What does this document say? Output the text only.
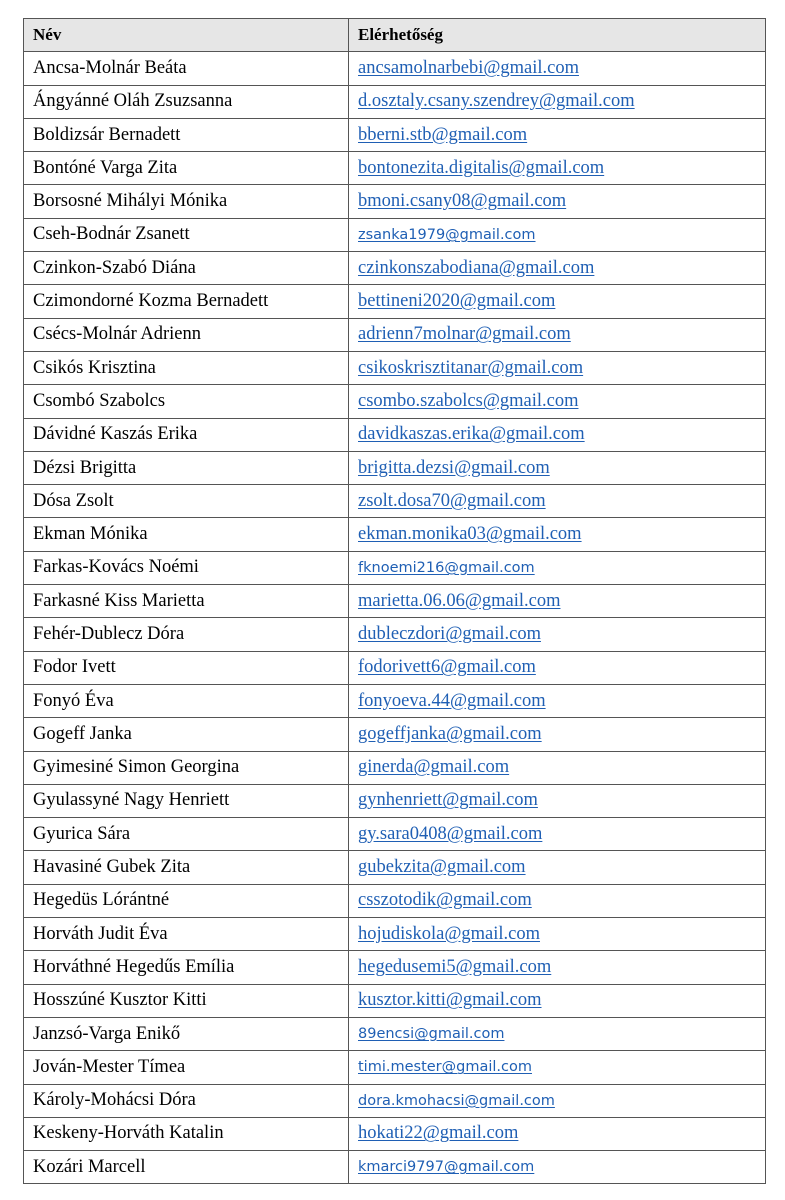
Név	Elérhetőség
Ancsa-Molnár Beáta	ancsamolnarbebi@gmail.com
Ángyánné Oláh Zsuzsanna	d.osztaly.csany.szendrey@gmail.com
Boldizsár Bernadett	bberni.stb@gmail.com
Bontóné Varga Zita	bontonezita.digitalis@gmail.com
Borsosné Mihályi Mónika	bmoni.csany08@gmail.com
Cseh-Bodnár Zsanett	zsanka1979@gmail.com
Czinkon-Szabó Diána	czinkonszabodiana@gmail.com
Czimondorné Kozma Bernadett	bettineni2020@gmail.com
Csécs-Molnár Adrienn	adrienn7molnar@gmail.com
Csikós Krisztina	csikoskrisztitanar@gmail.com
Csombó Szabolcs	csombo.szabolcs@gmail.com
Dávidné Kaszás Erika	davidkaszas.erika@gmail.com
Dézsi Brigitta	brigitta.dezsi@gmail.com
Dósa Zsolt	zsolt.dosa70@gmail.com
Ekman Mónika	ekman.monika03@gmail.com
Farkas-Kovács Noémi	fknoemi216@gmail.com
Farkasné Kiss Marietta	marietta.06.06@gmail.com
Fehér-Dublecz Dóra	dubleczdori@gmail.com
Fodor Ivett	fodorivett6@gmail.com
Fonyó Éva	fonyoeva.44@gmail.com
Gogeff Janka	gogeffjanka@gmail.com
Gyimesiné Simon Georgina	ginerda@gmail.com
Gyulassyné Nagy Henriett	gynhenriett@gmail.com
Gyurica Sára	gy.sara0408@gmail.com
Havasiné Gubek Zita	gubekzita@gmail.com
Hegedüs Lórántné	csszotodik@gmail.com
Horváth Judit Éva	hojudiskola@gmail.com
Horváthné Hegedűs Emília	hegedusemi5@gmail.com
Hosszúné Kusztor Kitti	kusztor.kitti@gmail.com
Janzsó-Varga Enikő	89encsi@gmail.com
Jován-Mester Tímea	timi.mester@gmail.com
Károly-Mohácsi Dóra	dora.kmohacsi@gmail.com
Keskeny-Horváth Katalin	hokati22@gmail.com
Kozári Marcell	kmarci9797@gmail.com
